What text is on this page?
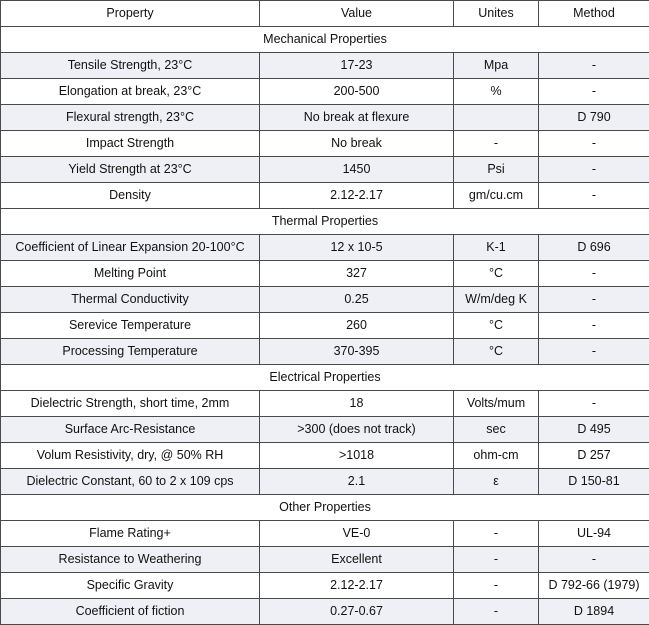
Property	Value	Unites	Method
Mechanical Properties			
Tensile Strength, 23°C	17-23	Mpa	-
Elongation at break, 23°C	200-500	%	-
Flexural strength, 23°C	No break at flexure		D 790
Impact Strength	No break	-	-
Yield Strength at 23°C	1450	Psi	-
Density	2.12-2.17	gm/cu.cm	-
Thermal Properties			
Coefficient of Linear Expansion 20-100°C	12 x 10-5	K-1	D 696
Melting Point	327	°C	-
Thermal Conductivity	0.25	W/m/deg K	-
Serevice Temperature	260	°C	-
Processing Temperature	370-395	°C	-
Electrical Properties			
Dielectric Strength, short time, 2mm	18	Volts/mum	-
Surface Arc-Resistance	>300 (does not track)	sec	D 495
Volum Resistivity, dry, @ 50% RH	>1018	ohm-cm	D 257
Dielectric Constant, 60 to 2 x 109 cps	2.1	ε	D 150-81
Other Properties			
Flame Rating+	VE-0	-	UL-94
Resistance to Weathering	Excellent	-	-
Specific Gravity	2.12-2.17	-	D 792-66 (1979)
Coefficient of fiction	0.27-0.67	-	D 1894
